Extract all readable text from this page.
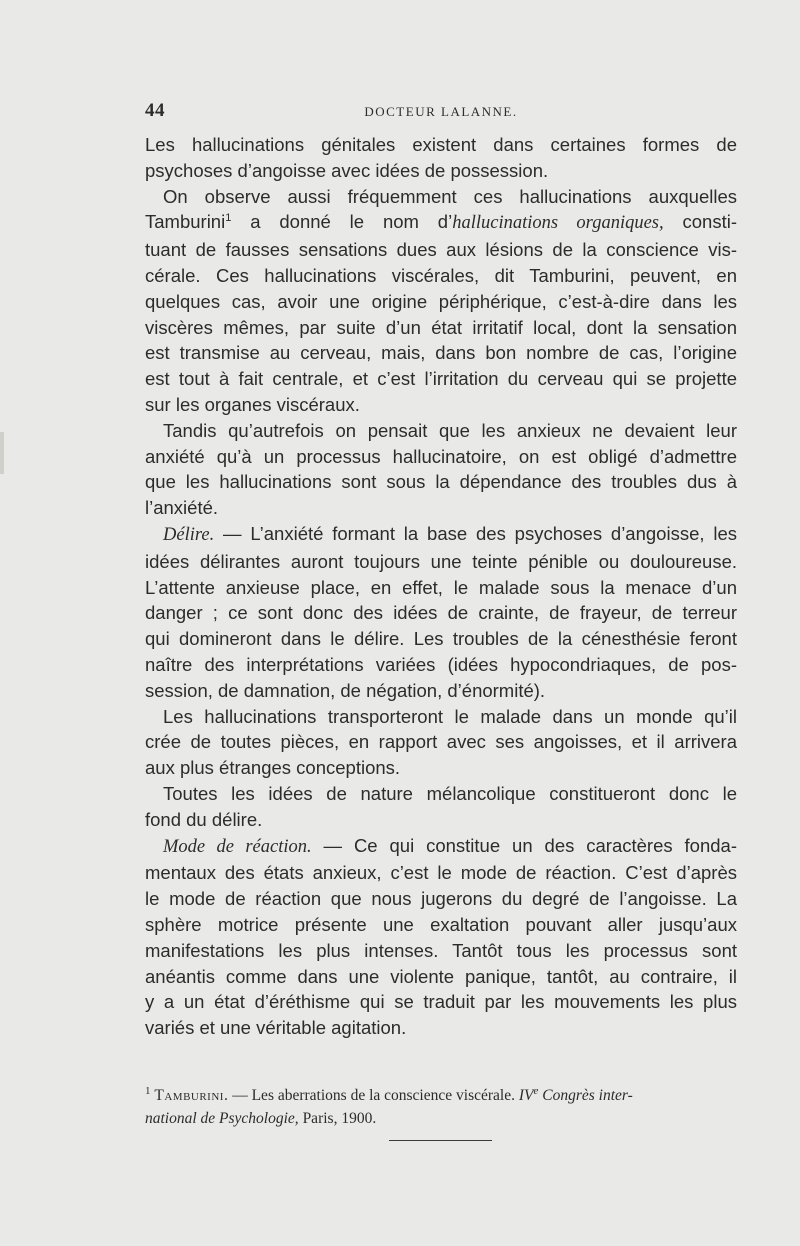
44	DOCTEUR LALANNE.
Les hallucinations génitales existent dans certaines formes de
psychoses d’angoisse avec idées de possession.
On observe aussi fréquemment ces hallucinations auxquelles
Tamburini$^1$ a donné le nom d’hallucinations organiques, consti-
tuant de fausses sensations dues aux lésions de la conscience vis-
cérale. Ces hallucinations viscérales, dit Tamburini, peuvent, en
quelques cas, avoir une origine périphérique, c’est-à-dire dans les
viscères mêmes, par suite d’un état irritatif local, dont la sensation
est transmise au cerveau, mais, dans bon nombre de cas, l’origine
est tout à fait centrale, et c’est l’irritation du cerveau qui se projette
sur les organes viscéraux.
Tandis qu’autrefois on pensait que les anxieux ne devaient leur
anxiété qu’à un processus hallucinatoire, on est obligé d’admettre
que les hallucinations sont sous la dépendance des troubles dus à
l’anxiété.
Délire. — L’anxiété formant la base des psychoses d’angoisse, les
idées délirantes auront toujours une teinte pénible ou douloureuse.
L’attente anxieuse place, en effet, le malade sous la menace d’un
danger ; ce sont donc des idées de crainte, de frayeur, de terreur
qui domineront dans le délire. Les troubles de la cénesthésie feront
naître des interprétations variées (idées hypocondriaques, de pos-
session, de damnation, de négation, d’énormité).
Les hallucinations transporteront le malade dans un monde qu’il
crée de toutes pièces, en rapport avec ses angoisses, et il arrivera
aux plus étranges conceptions.
Toutes les idées de nature mélancolique constitueront donc le
fond du délire.
Mode de réaction. — Ce qui constitue un des caractères fonda-
mentaux des états anxieux, c’est le mode de réaction. C’est d’après
le mode de réaction que nous jugerons du degré de l’angoisse. La
sphère motrice présente une exaltation pouvant aller jusqu’aux
manifestations les plus intenses. Tantôt tous les processus sont
anéantis comme dans une violente panique, tantôt, au contraire, il
y a un état d’éréthisme qui se traduit par les mouvements les plus
variés et une véritable agitation.
$^1$ Tamburini. — Les aberrations de la conscience viscérale. IVe Congrès inter-
national de Psychologie, Paris, 1900.
